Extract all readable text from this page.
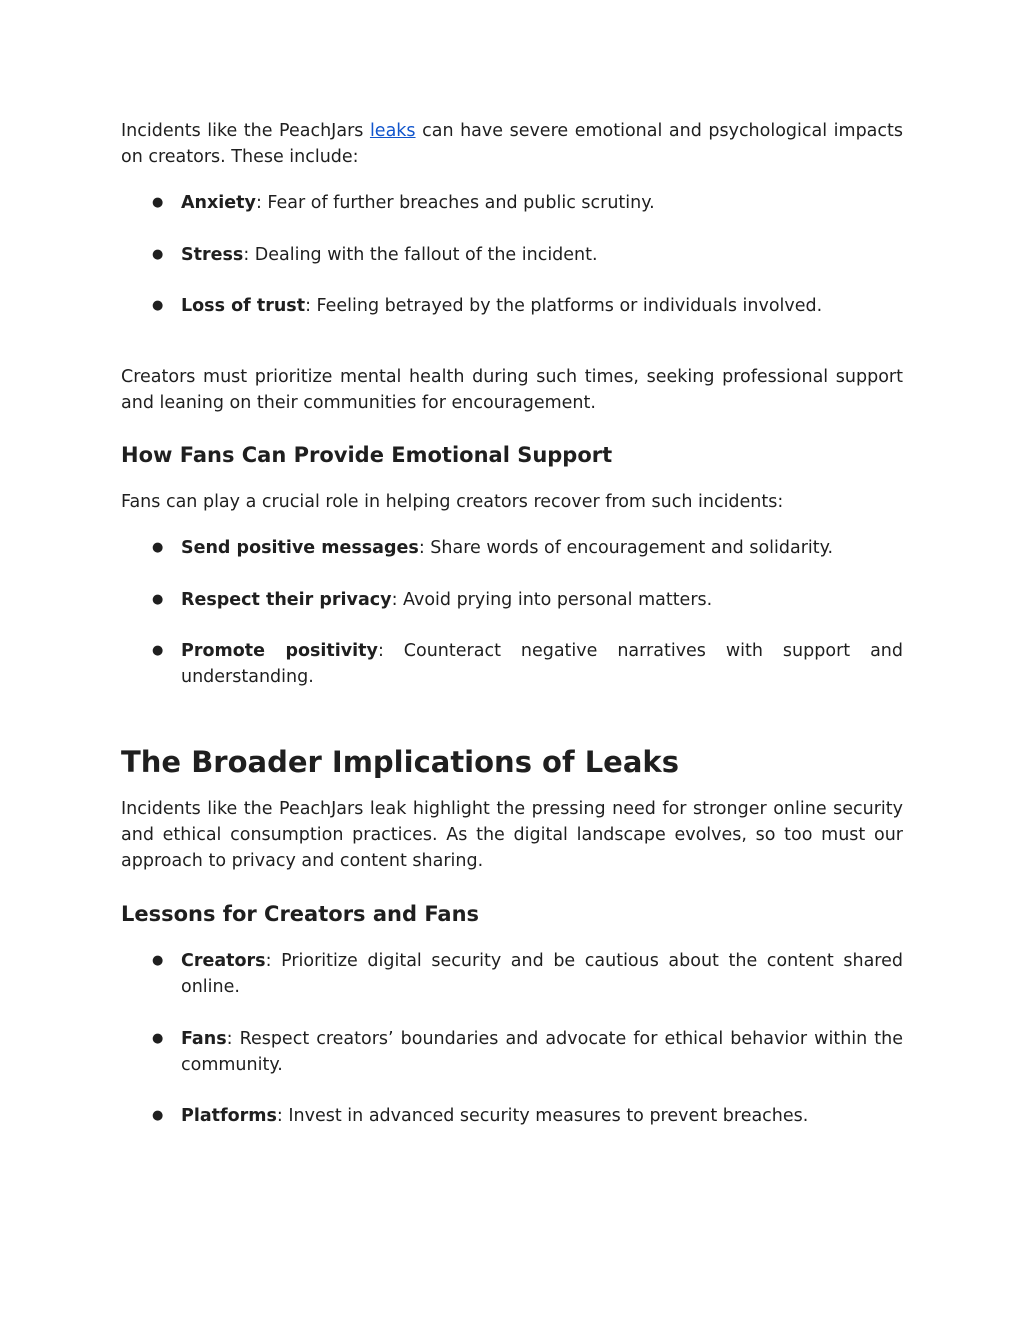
Incidents like the PeachJars leaks can have severe emotional and psychological impacts on creators. These include:

● Anxiety: Fear of further breaches and public scrutiny.
● Stress: Dealing with the fallout of the incident.
● Loss of trust: Feeling betrayed by the platforms or individuals involved.

Creators must prioritize mental health during such times, seeking professional support and leaning on their communities for encouragement.

How Fans Can Provide Emotional Support

Fans can play a crucial role in helping creators recover from such incidents:

● Send positive messages: Share words of encouragement and solidarity.
● Respect their privacy: Avoid prying into personal matters.
● Promote positivity: Counteract negative narratives with support and understanding.
The Broader Implications of Leaks

Incidents like the PeachJars leak highlight the pressing need for stronger online security and ethical consumption practices. As the digital landscape evolves, so too must our approach to privacy and content sharing.

Lessons for Creators and Fans
● Creators: Prioritize digital security and be cautious about the content shared online.
● Fans: Respect creators’ boundaries and advocate for ethical behavior within the community.
● Platforms: Invest in advanced security measures to prevent breaches.
